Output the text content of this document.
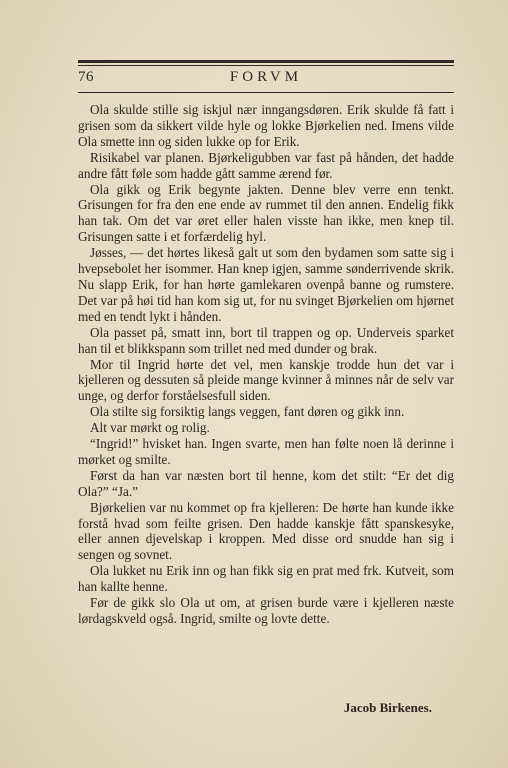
76	FORVM

Ola skulde stille sig iskjul nær inngangsdøren. Erik skulde få fatt i grisen som da sikkert vilde hyle og lokke Bjørkelien ned. Imens vilde Ola smette inn og siden lukke op for Erik.

Risikabel var planen. Bjørkeligubben var fast på hånden, det hadde andre fått føle som hadde gått samme ærend før.

Ola gikk og Erik begynte jakten. Denne blev verre enn tenkt. Grisungen for fra den ene ende av rummet til den annen. Endelig fikk han tak. Om det var øret eller halen visste han ikke, men knep til. Grisungen satte i et forfærdelig hyl.

Jøsses, — det hørtes likeså galt ut som den bydamen som satte sig i hvepsebolet her isommer. Han knep igjen, samme sønderrivende skrik. Nu slapp Erik, for han hørte gamlekaren ovenpå banne og rumstere. Det var på høi tid han kom sig ut, for nu svinget Bjørkelien om hjørnet med en tendt lykt i hånden.

Ola passet på, smatt inn, bort til trappen og op. Underveis sparket han til et blikkspann som trillet ned med dunder og brak.

Mor til Ingrid hørte det vel, men kanskje trodde hun det var i kjelleren og dessuten så pleide mange kvinner å minnes når de selv var unge, og derfor forståelsesfull siden.

Ola stilte sig forsiktig langs veggen, fant døren og gikk inn.

Alt var mørkt og rolig.

“Ingrid!” hvisket han. Ingen svarte, men han følte noen lå derinne i mørket og smilte.

Først da han var næsten bort til henne, kom det stilt: “Er det dig Ola?” “Ja.”

Bjørkelien var nu kommet op fra kjelleren: De hørte han kunde ikke forstå hvad som feilte grisen. Den hadde kanskje fått spanskesyke, eller annen djevelskap i kroppen. Med disse ord snudde han sig i sengen og sovnet.

Ola lukket nu Erik inn og han fikk sig en prat med frk. Kutveit, som han kallte henne.

Før de gikk slo Ola ut om, at grisen burde være i kjelleren næste lørdagskveld også. Ingrid, smilte og lovte dette.

Jacob Birkenes.
